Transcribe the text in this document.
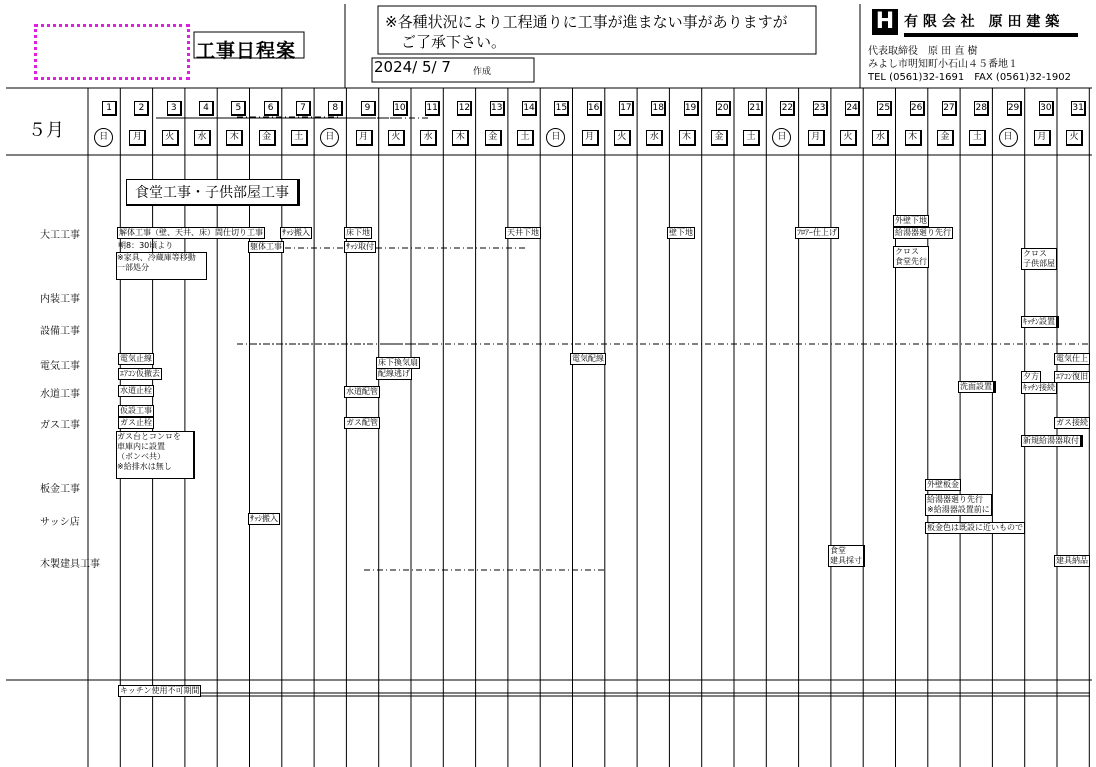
工事日程案
※各種状況により工程通りに工事が進まない事がありますが
ご了承下さい。
2024/ 5/ 7 作成
H 有 限 会 社　原 田 建 築
代表取締役　原 田 直 樹
みよし市明知町小石山４５番地１
TEL (0561)32-1691　FAX (0561)32-1902
５月
1
日
2
月
3
火
4
水
5
木
6
金
7
土
8
日
9
月
10
火
11
水
12
木
13
金
14
土
15
日
16
月
17
火
18
水
19
木
20
金
21
土
22
日
23
月
24
火
25
水
26
木
27
金
28
土
29
日
30
月
31
火
大工工事
内装工事
設備工事
電気工事
水道工事
ガス工事
板金工事
サッシ店
木製建具工事
食堂工事・子供部屋工事
解体工事（壁、天井、床）間仕切り工事 ｻｯｼ搬入
朝8：30頃より	躯体工事
※家具、冷蔵庫等移動
一部処分
床下地
ｻｯｼ取付
天井下地	壁下地	ﾌﾛｱｰ仕上げ
外壁下地
給湯器廻り先行
クロス
食堂先行
クロス
子供部屋
ｷｯﾁﾝ設置
電気止線
ｴｱｺﾝ仮撤去
床下換気扇
配線逃げ
電気配線	電気仕上
夕方 ｴｱｺﾝ復旧
ｷｯﾁﾝ接続
水道止栓	水道配管
洗面設置
仮設工事
ガス止栓	ガス配管	ガス接続
新規給湯器取付
ガス台とコンロを
車庫内に設置
（ボンベ共）
※給排水は無し
外壁板金
給湯器廻り先行
※給湯器設置前に
板金色は既設に近いもので
ｻｯｼ搬入
食堂
建具採寸	建具納品
キッチン使用不可期間
